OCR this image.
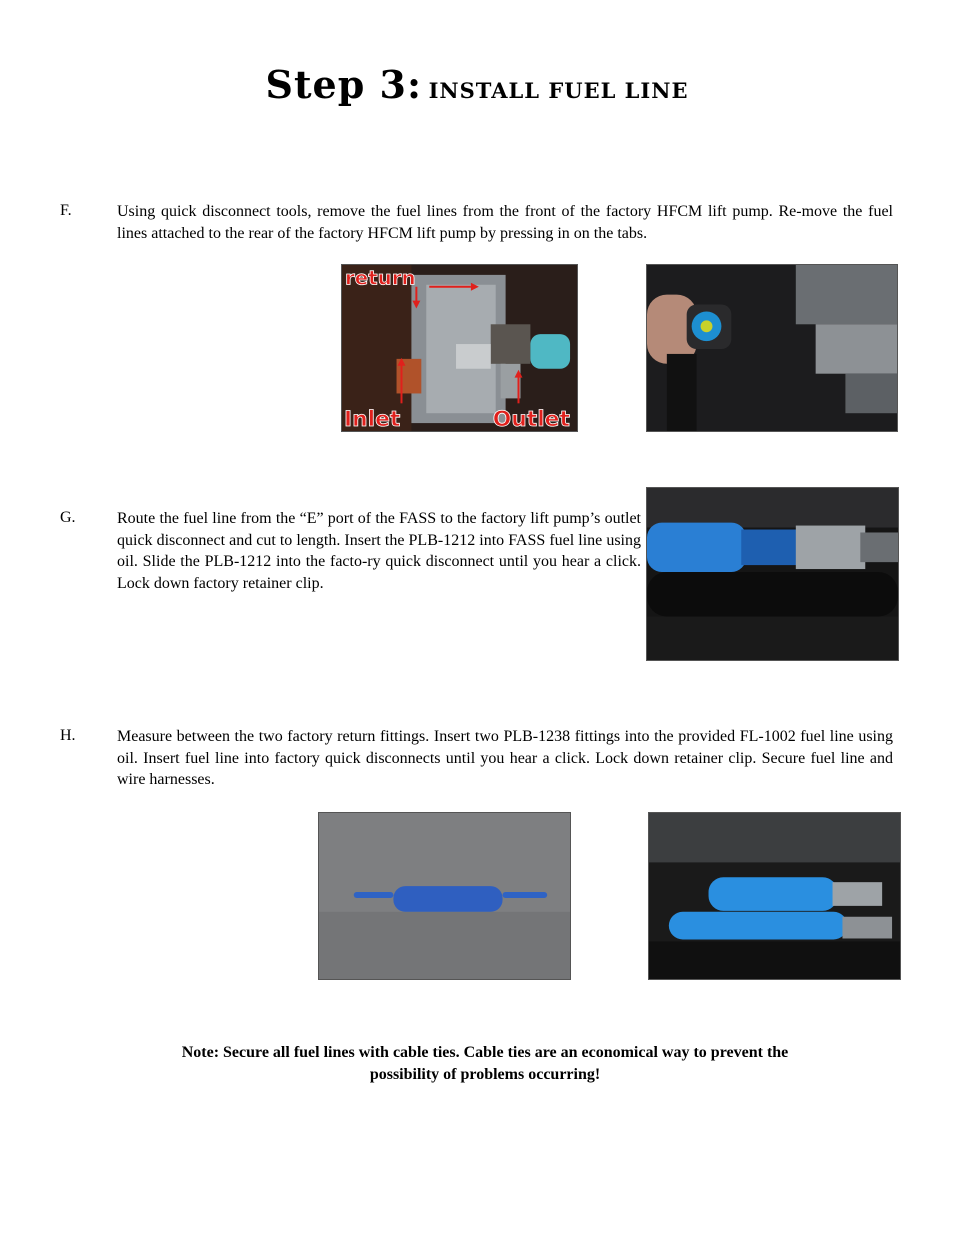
Step 3: INSTALL FUEL LINE
F.	Using quick disconnect tools, remove the fuel lines from the front of the factory HFCM lift pump. Re-move the fuel lines attached to the rear of the factory HFCM lift pump by pressing in on the tabs.

return
Inlet	Outlet
G.	Route the fuel line from the “E” port of the FASS to the factory lift pump’s outlet quick disconnect and cut to length. Insert the PLB-1212 into FASS fuel line using oil. Slide the PLB-1212 into the facto-ry quick disconnect until you hear a click. Lock down factory retainer clip.

H.	Measure between the two factory return fittings. Insert two PLB-1238 fittings into the provided FL-1002 fuel line using oil. Insert fuel line into factory quick disconnects until you hear a click. Lock down retainer clip. Secure fuel line and wire harnesses.

Note: Secure all fuel lines with cable ties. Cable ties are an economical way to prevent the
possibility of problems occurring!
